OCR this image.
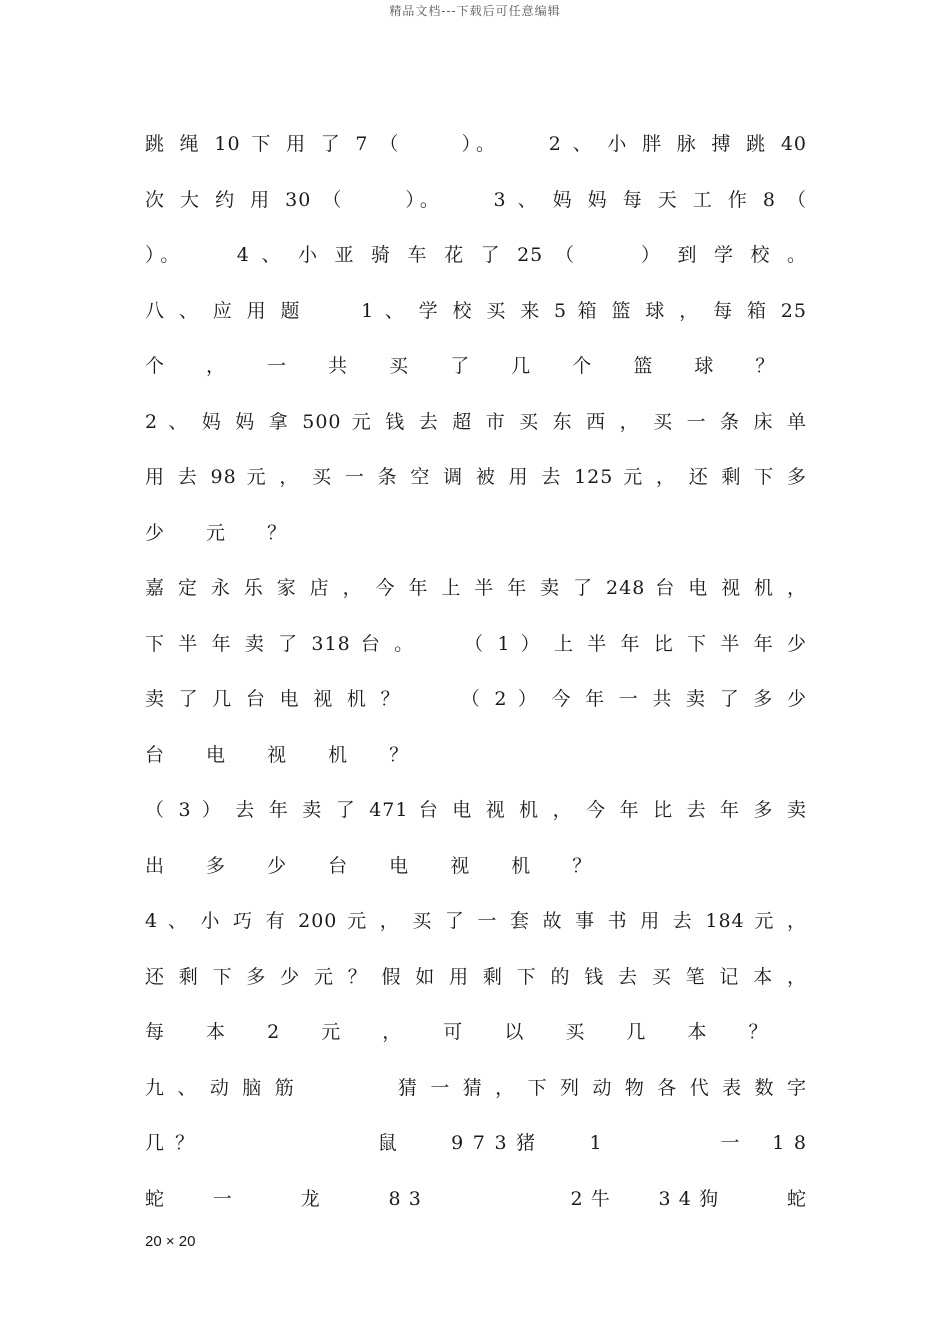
精品文档---下载后可任意编辑
跳 绳 10 下 用 了 7 （　　 ）。　　 2 、 小 胖 脉 搏 跳 40
次 大 约 用 30 （　　 ）。　　 3 、 妈 妈 每 天 工 作 8 （
）。　　 4 、 小 亚 骑 车 花 了 25 （　　 ） 到 学 校 。
八 、 应 用 题　　 1 、 学 校 买 来 5 箱 篮 球 ， 每 箱 25
个 ， 一 共 买 了 几 个 篮 球 ？
2 、 妈 妈 拿 500 元 钱 去 超 市 买 东 西 ， 买 一 条 床 单
用 去 98 元 ， 买 一 条 空 调 被 用 去 125 元 ， 还 剩 下 多
少 元 ？
嘉 定 永 乐 家 店 ， 今 年 上 半 年 卖 了 248 台 电 视 机 ，
下 半 年 卖 了 318 台 。　　 （ 1 ） 上 半 年 比 下 半 年 少
卖 了 几 台 电 视 机 ？　　 （ 2 ） 今 年 一 共 卖 了 多 少
台 电 视 机 ？
（ 3 ） 去 年 卖 了 471 台 电 视 机 ， 今 年 比 去 年 多 卖
出 多 少 台 电 视 机 ？
4 、 小 巧 有 200 元 ， 买 了 一 套 故 事 书 用 去 184 元 ，
还 剩 下 多 少 元 ？ 假 如 用 剩 下 的 钱 去 买 笔 记 本 ，
每 本 2 元 ， 可 以 买 几 本 ？
九 、 动 脑 筋　　　　 猜 一 猜 ， 下 列 动 物 各 代 表 数 字
几 ？　　　　　　　　 鼠　　 9 7 3 猪　　 1　　　　　 一　 1 8
蛇　　 一　　　 龙　　　 8 3　　　　　　　 2 牛　　 3 4 狗　　　 蛇
20 × 20
